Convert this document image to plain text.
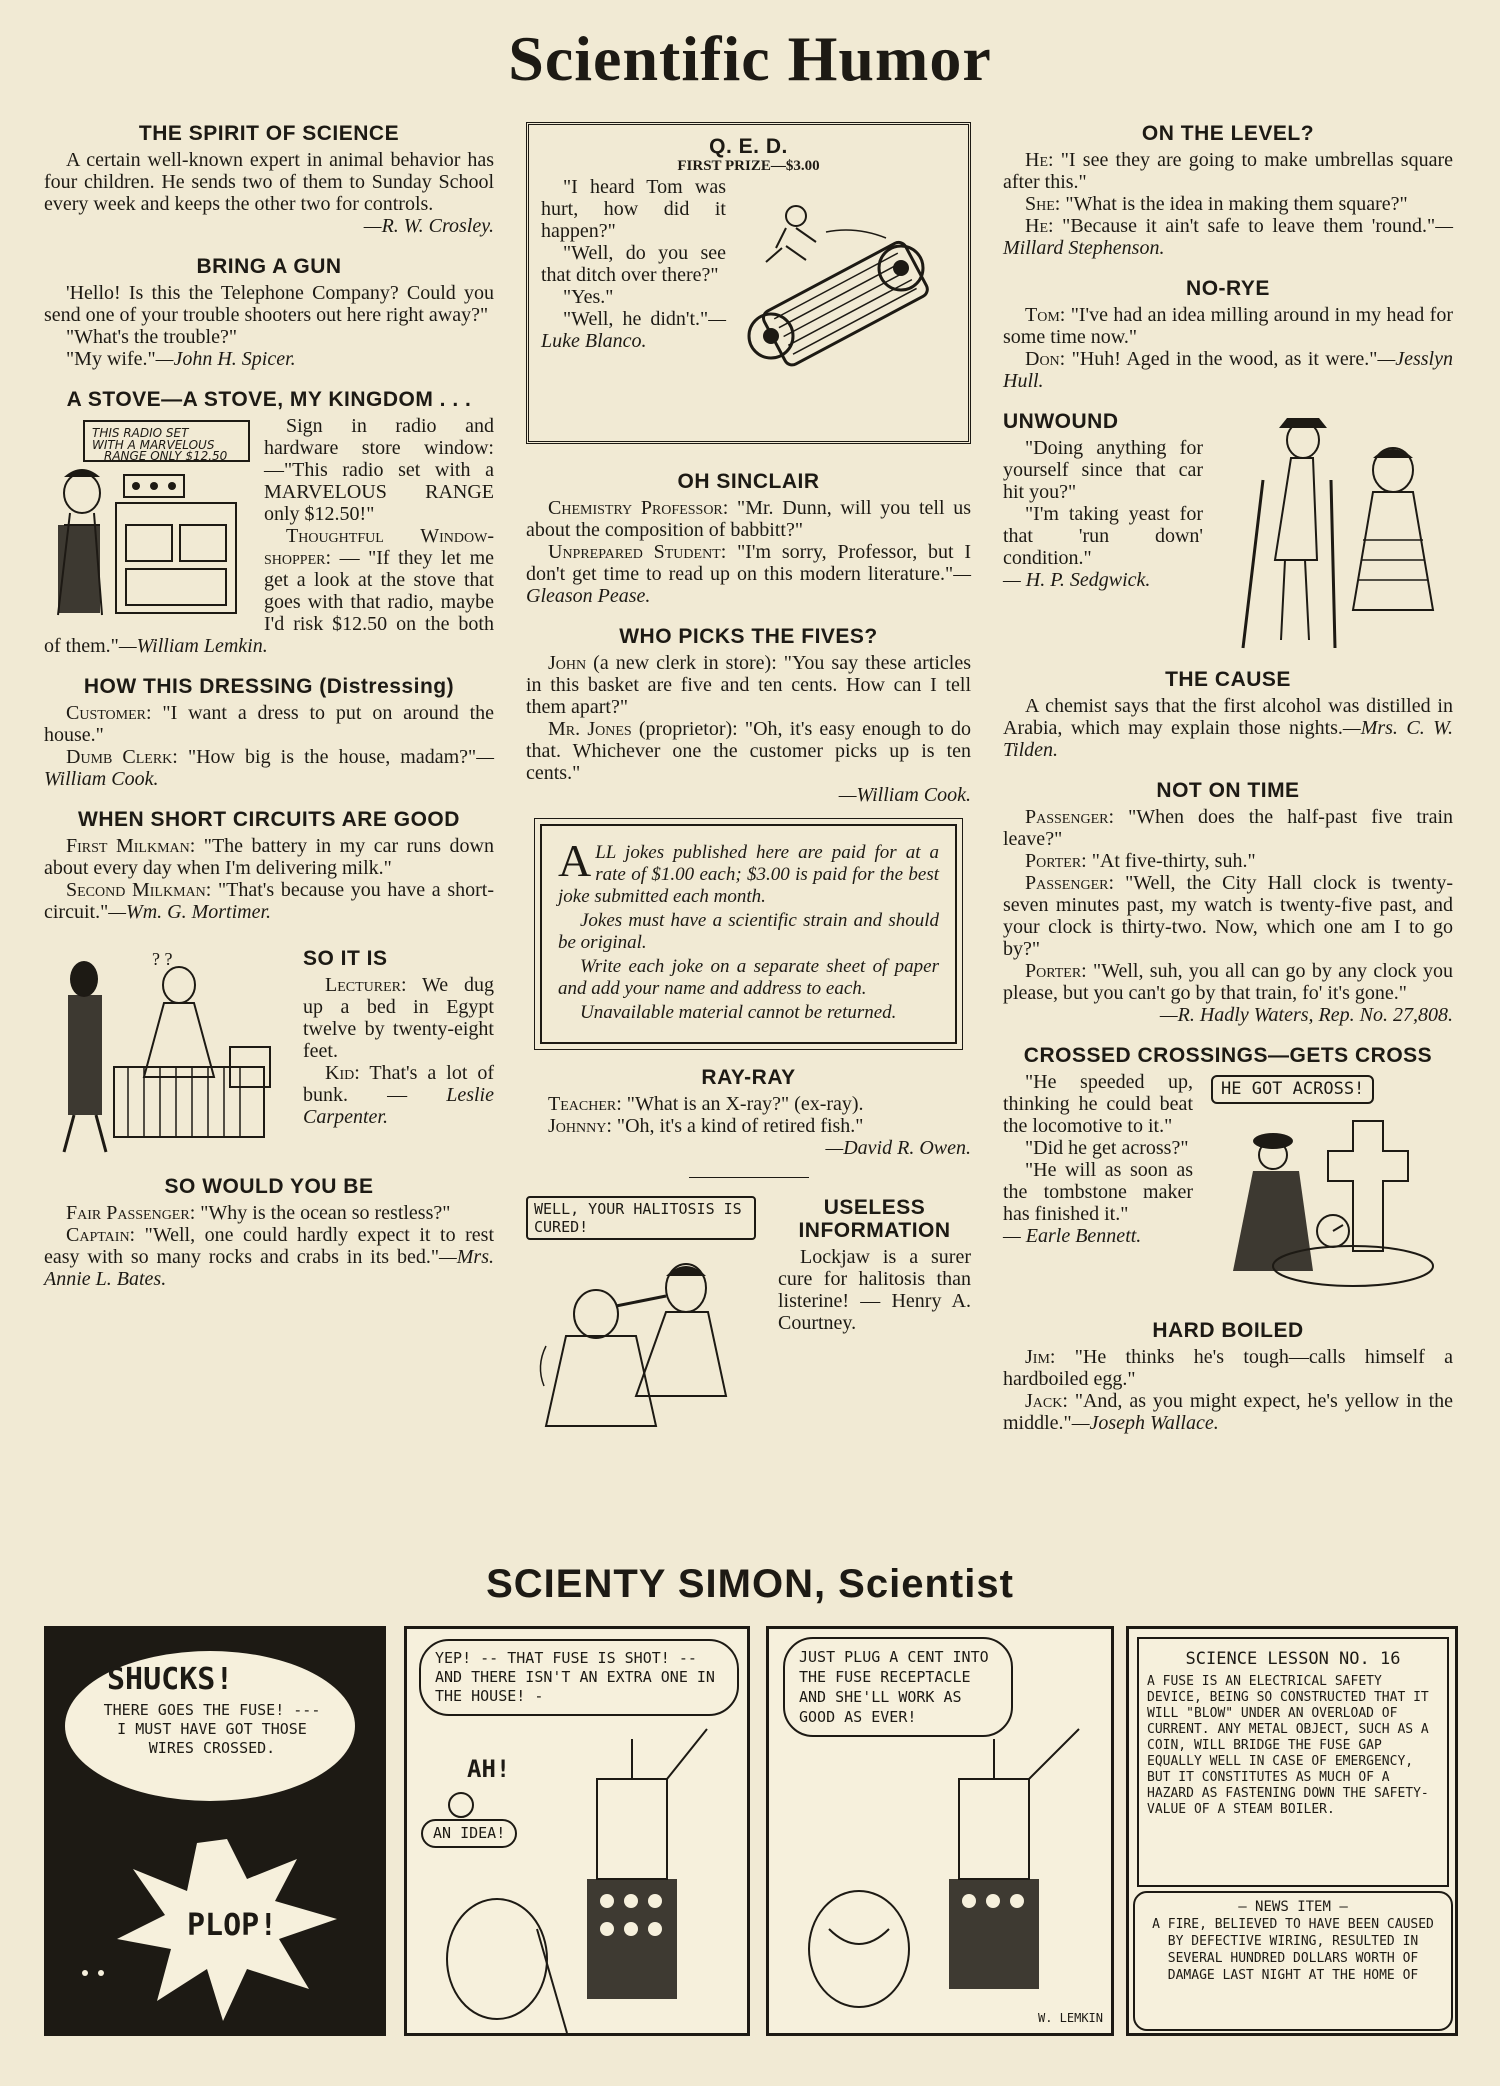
Scientific Humor
THE SPIRIT OF SCIENCE

A certain well-known expert in animal behavior has four children. He sends two of them to Sunday School every week and keeps the other two for controls.

—R. W. Crosley.
BRING A GUN

'Hello! Is this the Telephone Company? Could you send one of your trouble shooters out here right away?"

"What's the trouble?"

"My wife."—John H. Spicer.

A STOVE—A STOVE, MY KINGDOM . . .
THIS RADIO SET
WITH A MARVELOUS
RANGE ONLY $12.50

Sign in radio and hardware store window:—"This radio set with a MARVELOUS RANGE only $12.50!"

Thoughtful Window-shopper: — "If they let me get a look at the stove that goes with that radio, maybe I'd risk $12.50 on the both of them."—William Lemkin.

HOW THIS DRESSING (Distressing)

Customer: "I want a dress to put on around the house."

Dumb Clerk: "How big is the house, madam?"—William Cook.

WHEN SHORT CIRCUITS ARE GOOD

First Milkman: "The battery in my car runs down about every day when I'm delivering milk."

Second Milkman: "That's because you have a short-circuit."—Wm. G. Mortimer.

? ?	SO IT IS

Lecturer: We dug up a bed in Egypt twelve by twenty-eight feet.

Kid: That's a lot of bunk. — Leslie Carpenter.

SO WOULD YOU BE

Fair Passenger: "Why is the ocean so restless?"

Captain: "Well, one could hardly expect it to rest easy with so many rocks and crabs in its bed."—Mrs. Annie L. Bates.

Q. E. D.
FIRST PRIZE—$3.00

"I heard Tom was hurt, how did it happen?"

"Well, do you see that ditch over there?"

"Yes."

"Well, he didn't."—Luke Blanco.

OH SINCLAIR

Chemistry Professor: "Mr. Dunn, will you tell us about the composition of babbitt?"

Unprepared Student: "I'm sorry, Professor, but I don't get time to read up on this modern literature."—Gleason Pease.

WHO PICKS THE FIVES?

John (a new clerk in store): "You say these articles in this basket are five and ten cents. How can I tell them apart?"

Mr. Jones (proprietor): "Oh, it's easy enough to do that. Whichever one the customer picks up is ten cents."

—William Cook.

ALL jokes published here are paid for at a rate of $1.00 each; $3.00 is paid for the best joke submitted each month.

Jokes must have a scientific strain and should be original.

Write each joke on a separate sheet of paper and add your name and address to each.

Unavailable material cannot be returned.

RAY-RAY

Teacher: "What is an X-ray?" (ex-ray).

Johnny: "Oh, it's a kind of retired fish."

—David R. Owen.
WELL, YOUR HALITOSIS IS CURED!
USELESS INFORMATION

Lockjaw is a surer cure for halitosis than listerine! — Henry A. Courtney.

ON THE LEVEL?

He: "I see they are going to make umbrellas square after this."

She: "What is the idea in making them square?"

He: "Because it ain't safe to leave them 'round."—Millard Stephenson.

NO-RYE

Tom: "I've had an idea milling around in my head for some time now."

Don: "Huh! Aged in the wood, as it were."—Jesslyn Hull.

UNWOUND

"Doing anything for yourself since that car hit you?"

"I'm taking yeast for that 'run down' condition."

— H. P. Sedgwick.
THE CAUSE

A chemist says that the first alcohol was distilled in Arabia, which may explain those nights.—Mrs. C. W. Tilden.

NOT ON TIME

Passenger: "When does the half-past five train leave?"

Porter: "At five-thirty, suh."

Passenger: "Well, the City Hall clock is twenty-seven minutes past, my watch is twenty-five past, and your clock is thirty-two. Now, which one am I to go by?"

Porter: "Well, suh, you all can go by any clock you please, but you can't go by that train, fo' it's gone."

—R. Hadly Waters, Rep. No. 27,808.
CROSSED CROSSINGS—GETS CROSS
HE GOT ACROSS!

"He speeded up, thinking he could beat the locomotive to it."

"Did he get across?"

"He will as soon as the tombstone maker has finished it."

— Earle Bennett.
HARD BOILED

Jim: "He thinks he's tough—calls himself a hardboiled egg."

Jack: "And, as you might expect, he's yellow in the middle."—Joseph Wallace.

SCIENTY SIMON, Scientist
SHUCKS!
THERE GOES THE FUSE! --- I MUST HAVE GOT THOSE WIRES CROSSED.
PLOP!
YEP! -- THAT FUSE IS SHOT! -- AND THERE ISN'T AN EXTRA ONE IN THE HOUSE! -
AH!
AN IDEA!
JUST PLUG A CENT INTO THE FUSE RECEPTACLE AND SHE'LL WORK AS GOOD AS EVER!
W. LEMKIN
SCIENCE LESSON NO. 16
A FUSE IS AN ELECTRICAL SAFETY DEVICE, BEING SO CONSTRUCTED THAT IT WILL "BLOW" UNDER AN OVERLOAD OF CURRENT. ANY METAL OBJECT, SUCH AS A COIN, WILL BRIDGE THE FUSE GAP EQUALLY WELL IN CASE OF EMERGENCY, BUT IT CONSTITUTES AS MUCH OF A HAZARD AS FASTENING DOWN THE SAFETY-VALUE OF A STEAM BOILER.
— NEWS ITEM —
A FIRE, BELIEVED TO HAVE BEEN CAUSED BY DEFECTIVE WIRING, RESULTED IN SEVERAL HUNDRED DOLLARS WORTH OF DAMAGE LAST NIGHT AT THE HOME OF
